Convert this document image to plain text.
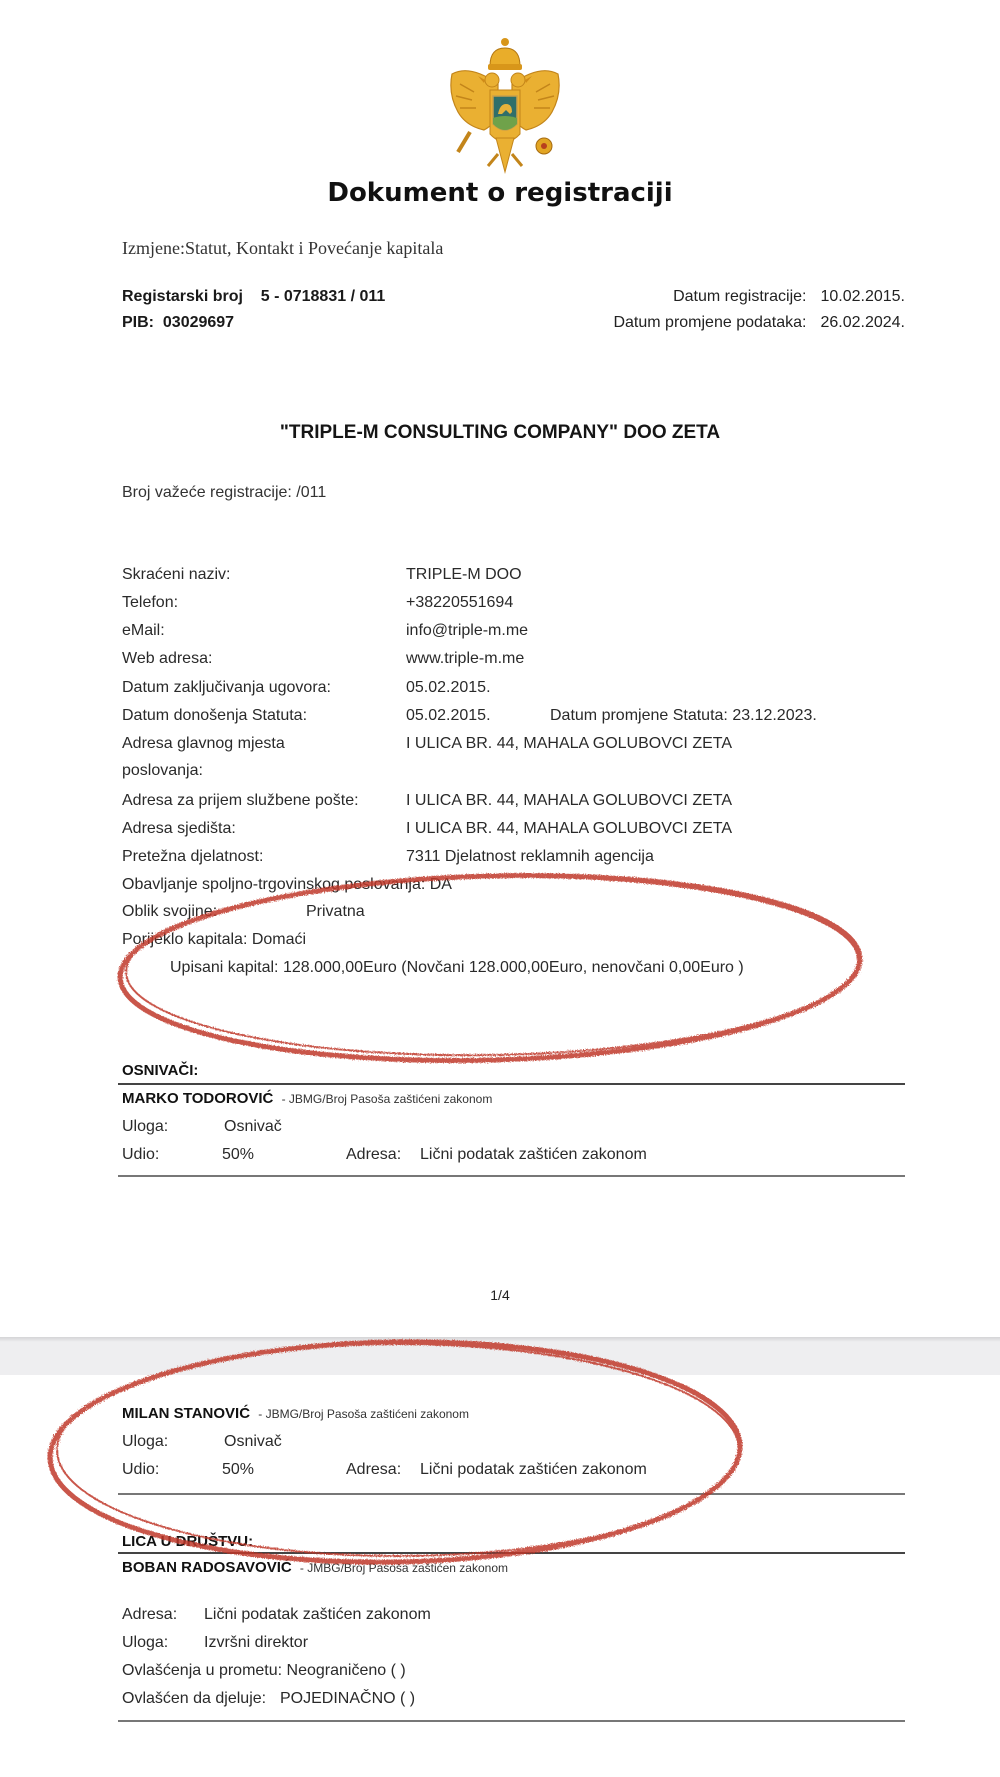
Dokument o registraciji
Izmjene:Statut, Kontakt i Povećanje kapitala
Registarski broj 5 - 0718831 / 011
PIB: 03029697
Datum registracije: 10.02.2015.
Datum promjene podataka: 26.02.2024.
"TRIPLE-M CONSULTING COMPANY" DOO ZETA
Broj važeće registracije: /011
Skraćeni naziv:	TRIPLE-M DOO
Telefon:	+38220551694
eMail:	info@triple-m.me
Web adresa:	www.triple-m.me
Datum zaključivanja ugovora:	05.02.2015.
Datum donošenja Statuta:	05.02.2015.	Datum promjene Statuta: 23.12.2023.
Adresa glavnog mjesta
poslovanja:
I ULICA BR. 44, MAHALA GOLUBOVCI ZETA
Adresa za prijem službene pošte:	I ULICA BR. 44, MAHALA GOLUBOVCI ZETA
Adresa sjedišta:	I ULICA BR. 44, MAHALA GOLUBOVCI ZETA
Pretežna djelatnost:	7311 Djelatnost reklamnih agencija
Obavljanje spoljno-trgovinskog poslovanja: DA
Oblik svojine:	Privatna
Porijeklo kapitala: Domaći
Upisani kapital: 128.000,00Euro (Novčani 128.000,00Euro, nenovčani 0,00Euro )
OSNIVAČI:
MARKO TODOROVIĆ - JBMG/Broj Pasoša zaštićeni zakonom
Uloga:	Osnivač
Udio:	50%	Adresa: Lični podatak zaštićen zakonom
1/4
MILAN STANOVIĆ - JBMG/Broj Pasoša zaštićeni zakonom
Uloga:	Osnivač
Udio:	50%	Adresa: Lični podatak zaštićen zakonom
LICA U DRUŠTVU:
BOBAN RADOSAVOVIĆ - JMBG/Broj Pasoša zaštićen zakonom
Adresa: Lični podatak zaštićen zakonom
Uloga: Izvršni direktor
Ovlašćenja u prometu: Neograničeno ( )
Ovlašćen da djeluje: POJEDINAČNO ( )
